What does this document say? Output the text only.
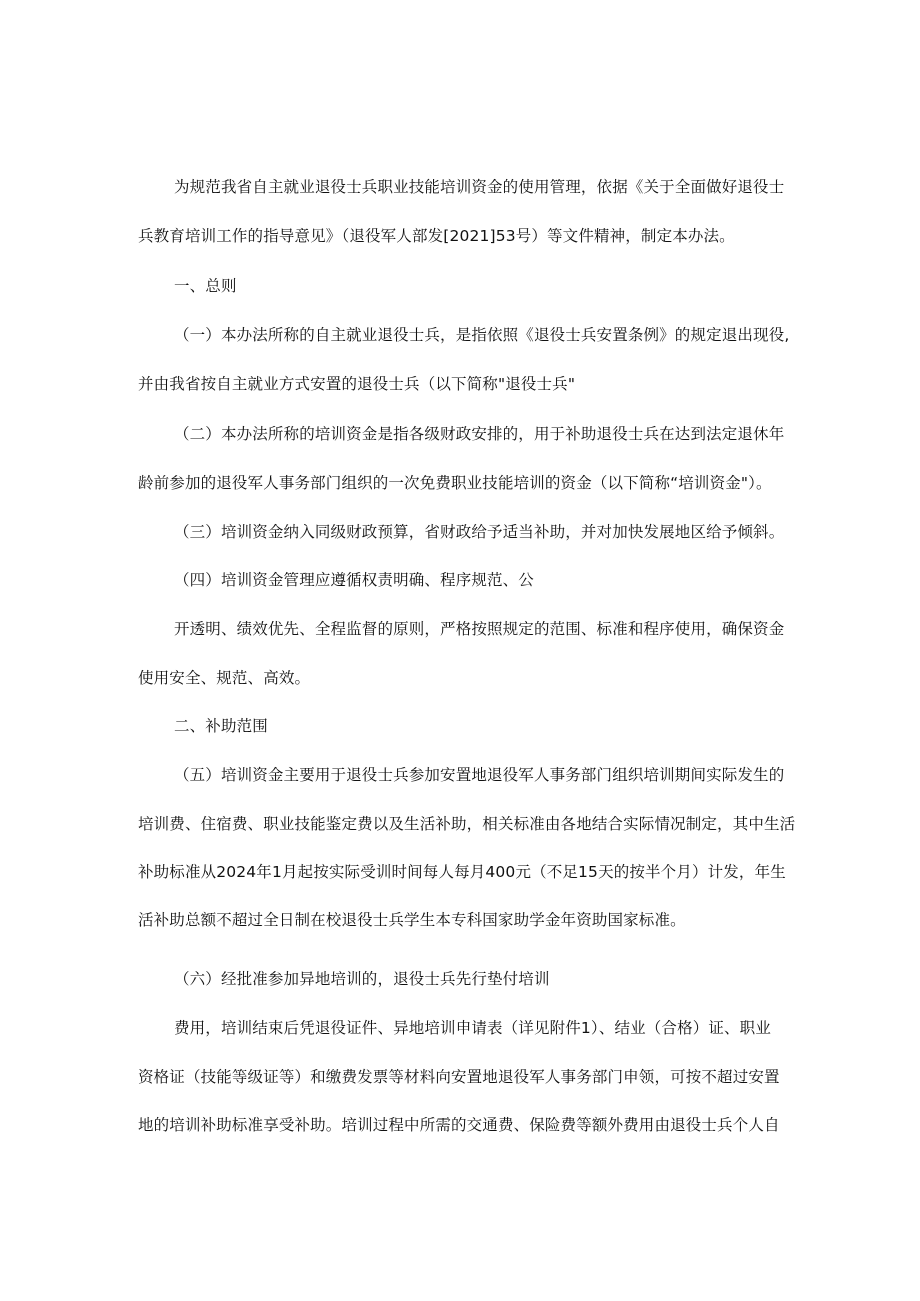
为规范我省自主就业退役士兵职业技能培训资金的使用管理，依据《关于全面做好退役士
兵教育培训工作的指导意见》（退役军人部发[2021]53号）等文件精神，制定本办法。
一、总则
（一）本办法所称的自主就业退役士兵，是指依照《退役士兵安置条例》的规定退出现役,
并由我省按自主就业方式安置的退役士兵（以下简称"退役士兵"
（二）本办法所称的培训资金是指各级财政安排的，用于补助退役士兵在达到法定退休年
龄前参加的退役军人事务部门组织的一次免费职业技能培训的资金（以下简称“培训资金"）。
（三）培训资金纳入同级财政预算，省财政给予适当补助，并对加快发展地区给予倾斜。
（四）培训资金管理应遵循权责明确、程序规范、公
开透明、绩效优先、全程监督的原则，严格按照规定的范围、标准和程序使用，确保资金
使用安全、规范、高效。
二、补助范围
（五）培训资金主要用于退役士兵参加安置地退役军人事务部门组织培训期间实际发生的
培训费、住宿费、职业技能鉴定费以及生活补助，相关标准由各地结合实际情况制定，其中生活
补助标准从2024年1月起按实际受训时间每人每月400元（不足15天的按半个月）计发，年生
活补助总额不超过全日制在校退役士兵学生本专科国家助学金年资助国家标准。
（六）经批准参加异地培训的，退役士兵先行垫付培训
费用，培训结束后凭退役证件、异地培训申请表（详见附件1）、结业（合格）证、职业
资格证（技能等级证等）和缴费发票等材料向安置地退役军人事务部门申领，可按不超过安置
地的培训补助标准享受补助。培训过程中所需的交通费、保险费等额外费用由退役士兵个人自
